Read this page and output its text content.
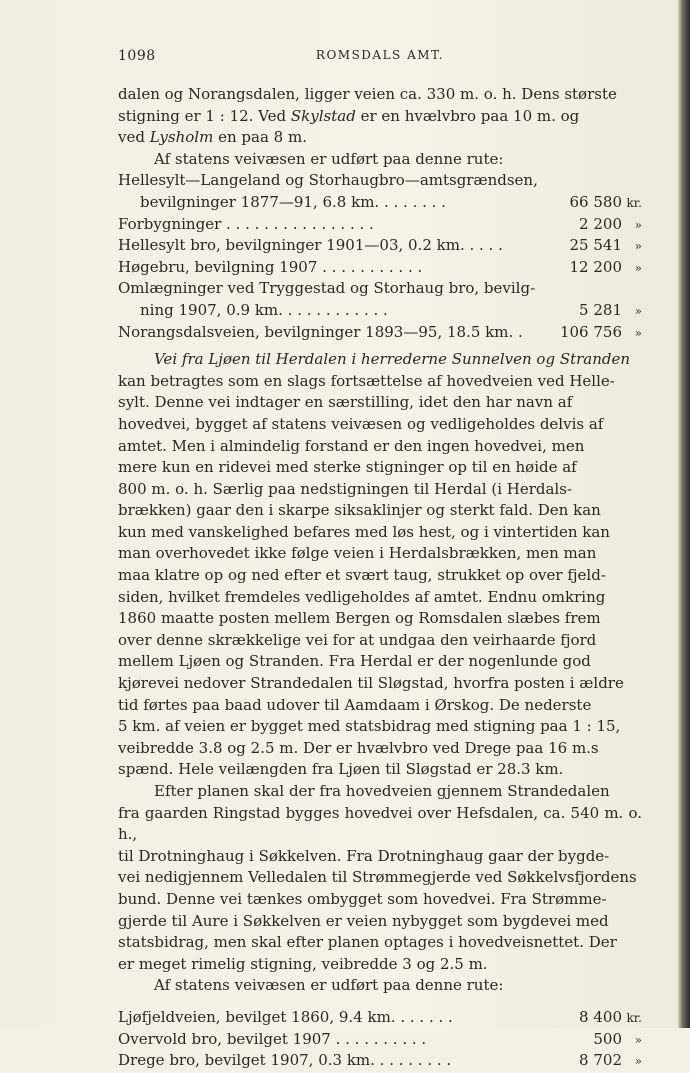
1098	ROMSDALS AMT.
dalen og Norangsdalen, ligger veien ca. 330 m. o. h. Dens største
stigning er 1 : 12. Ved Skylstad er en hvælvbro paa 10 m. og
ved Lysholm en paa 8 m.
Af statens veivæsen er udført paa denne rute:
Hellesylt—Langeland og Storhaugbro—amtsgrændsen,
bevilgninger 1877—91, 6.8 km. . . . . . . .	66 580 kr.
Forbygninger . . . . . . . . . . . . . . . .	2 200	»
Hellesylt bro, bevilgninger 1901—03, 0.2 km. . . . .	25 541	»
Høgebru, bevilgning 1907 . . . . . . . . . . .	12 200	»
Omlægninger ved Tryggestad og Storhaug bro, bevilg-
ning 1907, 0.9 km. . . . . . . . . . . .	5 281	»
Norangsdalsveien, bevilgninger 1893—95, 18.5 km. .	106 756	»
Vei fra Ljøen til Herdalen i herrederne Sunnelven og Stranden
kan betragtes som en slags fortsættelse af hovedveien ved Helle-
sylt. Denne vei indtager en særstilling, idet den har navn af
hovedvei, bygget af statens veivæsen og vedligeholdes delvis af
amtet. Men i almindelig forstand er den ingen hovedvei, men
mere kun en ridevei med sterke stigninger op til en høide af
800 m. o. h. Særlig paa nedstigningen til Herdal (i Herdals-
brækken) gaar den i skarpe siksaklinjer og sterkt fald. Den kan
kun med vanskelighed befares med løs hest, og i vintertiden kan
man overhovedet ikke følge veien i Herdalsbrækken, men man
maa klatre op og ned efter et svært taug, strukket op over fjeld-
siden, hvilket fremdeles vedligeholdes af amtet. Endnu omkring
1860 maatte posten mellem Bergen og Romsdalen slæbes frem
over denne skrækkelige vei for at undgaa den veirhaarde fjord
mellem Ljøen og Stranden. Fra Herdal er der nogenlunde god
kjørevei nedover Strandedalen til Sløgstad, hvorfra posten i ældre
tid førtes paa baad udover til Aamdaam i Ørskog. De nederste
5 km. af veien er bygget med statsbidrag med stigning paa 1 : 15,
veibredde 3.8 og 2.5 m. Der er hvælvbro ved Drege paa 16 m.s
spænd. Hele veilængden fra Ljøen til Sløgstad er 28.3 km.
Efter planen skal der fra hovedveien gjennem Strandedalen
fra gaarden Ringstad bygges hovedvei over Hefsdalen, ca. 540 m. o. h.,
til Drotninghaug i Søkkelven. Fra Drotninghaug gaar der bygde-
vei nedigjennem Velledalen til Strømmegjerde ved Søkkelvsfjordens
bund. Denne vei tænkes ombygget som hovedvei. Fra Strømme-
gjerde til Aure i Søkkelven er veien nybygget som bygdevei med
statsbidrag, men skal efter planen optages i hovedveisnettet. Der
er meget rimelig stigning, veibredde 3 og 2.5 m.
Af statens veivæsen er udført paa denne rute:
Ljøfjeldveien, bevilget 1860, 9.4 km. . . . . . .	8 400 kr.
Overvold bro, bevilget 1907 . . . . . . . . . .	500	»
Drege bro, bevilget 1907, 0.3 km. . . . . . . . .	8 702	»
